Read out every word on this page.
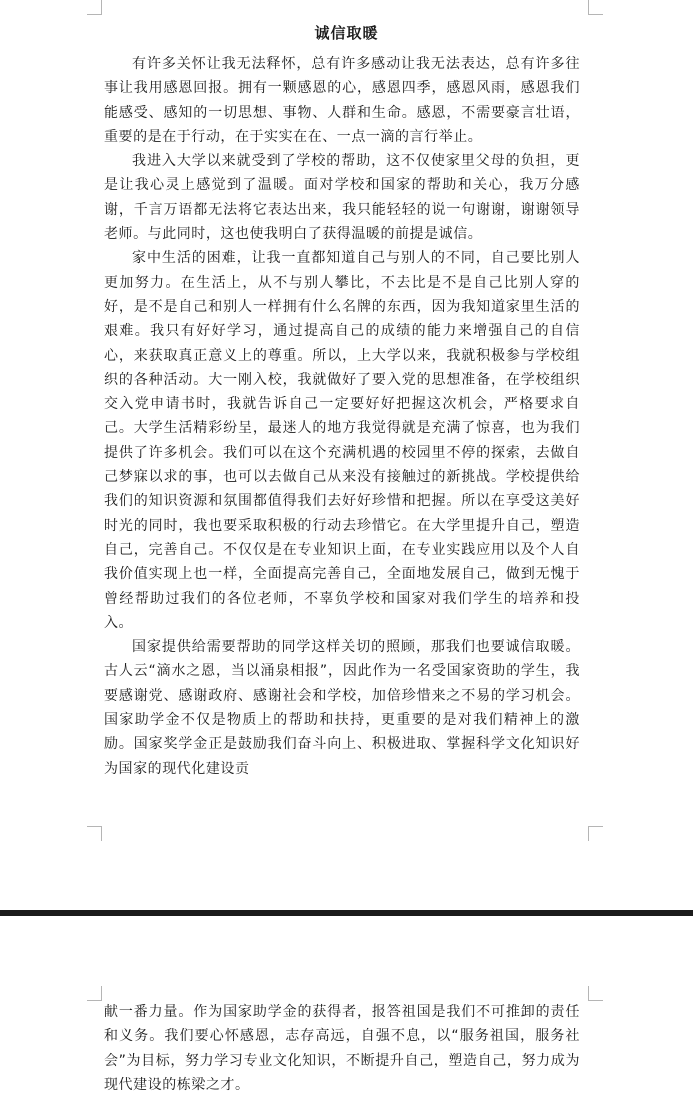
诚信取暖

有许多关怀让我无法释怀，总有许多感动让我无法表达，总有许多往事让我用感恩回报。拥有一颗感恩的心，感恩四季，感恩风雨，感恩我们能感受、感知的一切思想、事物、人群和生命。感恩，不需要豪言壮语，重要的是在于行动，在于实实在在、一点一滴的言行举止。

我进入大学以来就受到了学校的帮助，这不仅使家里父母的负担，更是让我心灵上感觉到了温暖。面对学校和国家的帮助和关心，我万分感谢，千言万语都无法将它表达出来，我只能轻轻的说一句谢谢，谢谢领导老师。与此同时，这也使我明白了获得温暖的前提是诚信。

家中生活的困难，让我一直都知道自己与别人的不同，自己要比别人更加努力。在生活上，从不与别人攀比，不去比是不是自己比别人穿的好，是不是自己和别人一样拥有什么名牌的东西，因为我知道家里生活的艰难。我只有好好学习，通过提高自己的成绩的能力来增强自己的自信心，来获取真正意义上的尊重。所以，上大学以来，我就积极参与学校组织的各种活动。大一刚入校，我就做好了要入党的思想准备，在学校组织交入党申请书时，我就告诉自己一定要好好把握这次机会，严格要求自己。大学生活精彩纷呈，最迷人的地方我觉得就是充满了惊喜，也为我们提供了许多机会。我们可以在这个充满机遇的校园里不停的探索，去做自己梦寐以求的事，也可以去做自己从来没有接触过的新挑战。学校提供给我们的知识资源和氛围都值得我们去好好珍惜和把握。所以在享受这美好时光的同时，我也要采取积极的行动去珍惜它。在大学里提升自己，塑造自己，完善自己。不仅仅是在专业知识上面，在专业实践应用以及个人自我价值实现上也一样，全面提高完善自己，全面地发展自己，做到无愧于曾经帮助过我们的各位老师，不辜负学校和国家对我们学生的培养和投入。

国家提供给需要帮助的同学这样关切的照顾，那我们也要诚信取暖。古人云“滴水之恩，当以涌泉相报”，因此作为一名受国家资助的学生，我要感谢党、感谢政府、感谢社会和学校，加倍珍惜来之不易的学习机会。国家助学金不仅是物质上的帮助和扶持，更重要的是对我们精神上的激励。国家奖学金正是鼓励我们奋斗向上、积极进取、掌握科学文化知识好为国家的现代化建设贡

献一番力量。作为国家助学金的获得者，报答祖国是我们不可推卸的责任和义务。我们要心怀感恩，志存高远，自强不息，以“服务祖国，服务社会”为目标，努力学习专业文化知识，不断提升自己，塑造自己，努力成为现代建设的栋梁之才。
